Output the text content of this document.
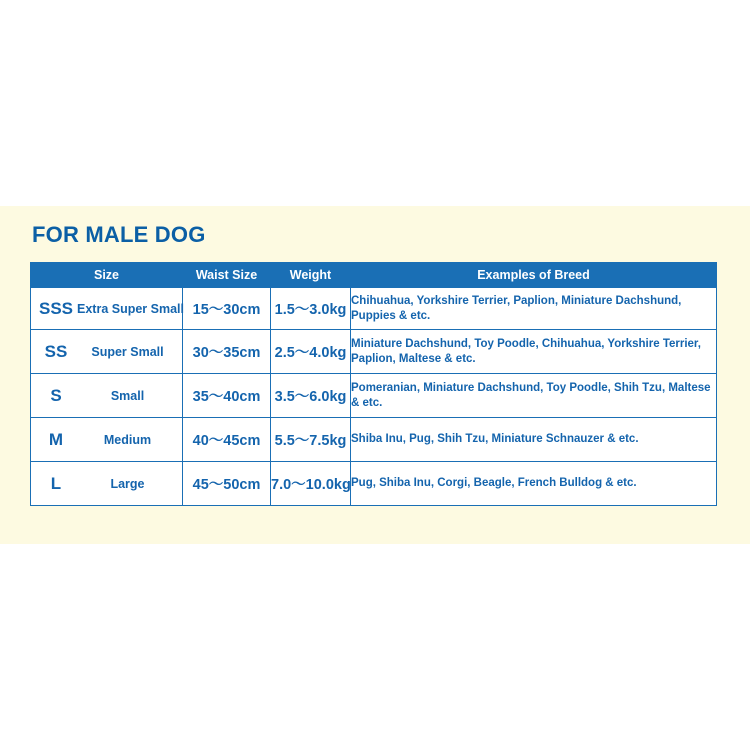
FOR MALE DOG
Size	Waist Size	Weight	Examples of Breed

SSS Extra Super Small	15～30cm	1.5～3.0kg	Chihuahua, Yorkshire Terrier, Paplion, Miniature Dachshund, Puppies & etc.

SS Super Small	30～35cm	2.5～4.0kg	Miniature Dachshund, Toy Poodle, Chihuahua, Yorkshire Terrier, Paplion, Maltese & etc.

S Small	35～40cm	3.5～6.0kg	Pomeranian, Miniature Dachshund, Toy Poodle, Shih Tzu, Maltese & etc.

M Medium	40～45cm	5.5～7.5kg	Shiba Inu, Pug, Shih Tzu, Miniature Schnauzer & etc.

L Large	45～50cm	7.0～10.0kg	Pug, Shiba Inu, Corgi, Beagle, French Bulldog & etc.
